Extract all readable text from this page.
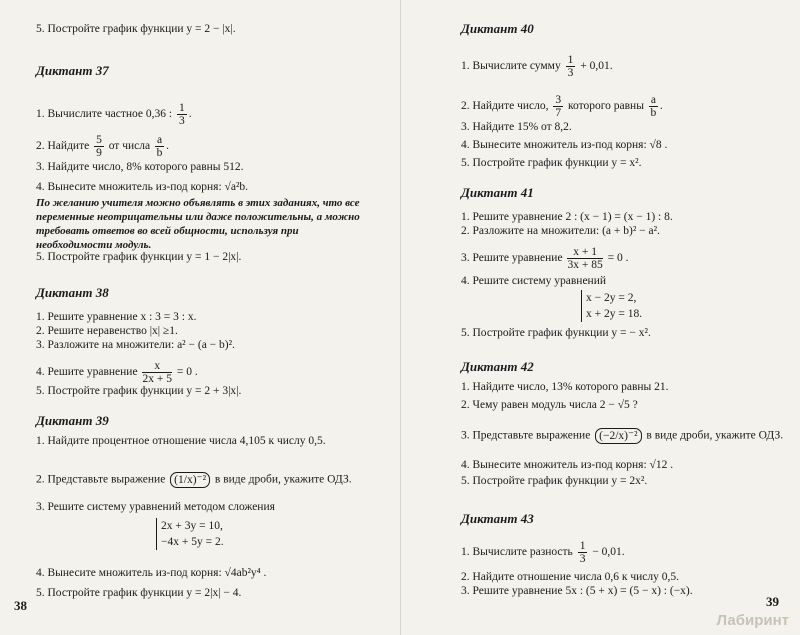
5. Постройте график функции y = 2 − |x|.
Диктант 37
1. Вычислите частное 0,36 : $\frac{1}{3}$ .
2. Найдите $\frac{5}{9}$ от числа $\frac{a}{b}$ .
3. Найдите число, 8% которого равны 512.
4. Вынесите множитель из-под корня: √a²b.
По желанию учителя можно объявлять в этих заданиях, что все переменные неотрицательны или даже положительны, а можно требовать ответов во всей общности, используя при необходимости модуль.
5. Постройте график функции y = 1 − 2|x|.
Диктант 38
1. Решите уравнение x : 3 = 3 : x.
2. Решите неравенство |x| ≥1.
3. Разложите на множители: a² − (a − b)².
4. Решите уравнение $\frac{x}{2x + 5} = 0$ .
5. Постройте график функции y = 2 + 3|x|.
Диктант 39
1. Найдите процентное отношение числа 4,105 к числу 0,5.
2. Представьте выражение (1/x)⁻² в виде дроби, укажите ОДЗ.
3. Решите систему уравнений методом сложения
2x + 3y = 10,
−4x + 5y = 2.
4. Вынесите множитель из-под корня: √4ab²y⁴ .
5. Постройте график функции y = 2|x| − 4.
38
Диктант 40
1. Вычислите сумму $\frac{1}{3} + 0,01$.
2. Найдите число, $\frac{3}{7}$ которого равны $\frac{a}{b}$ .
3. Найдите 15% от 8,2.
4. Вынесите множитель из-под корня: √8 .
5. Постройте график функции y = x².
Диктант 41
1. Решите уравнение 2 : (x − 1) = (x − 1) : 8.
2. Разложите на множители: (a + b)² − a².
3. Решите уравнение $\frac{x + 1}{3x + 85} = 0$ .
4. Решите систему уравнений
x − 2y = 2,
x + 2y = 18.
5. Постройте график функции y = − x².
Диктант 42
1. Найдите число, 13% которого равны 21.
2. Чему равен модуль числа 2 − √5 ?
3. Представьте выражение (−2/x)⁻² в виде дроби, укажите ОДЗ.
4. Вынесите множитель из-под корня: √12 .
5. Постройте график функции y = 2x².
Диктант 43
1. Вычислите разность $\frac{1}{3} - 0,01$.
2. Найдите отношение числа 0,6 к числу 0,5.
3. Решите уравнение 5x : (5 + x) = (5 − x) : (−x).
39
Лабиринт
